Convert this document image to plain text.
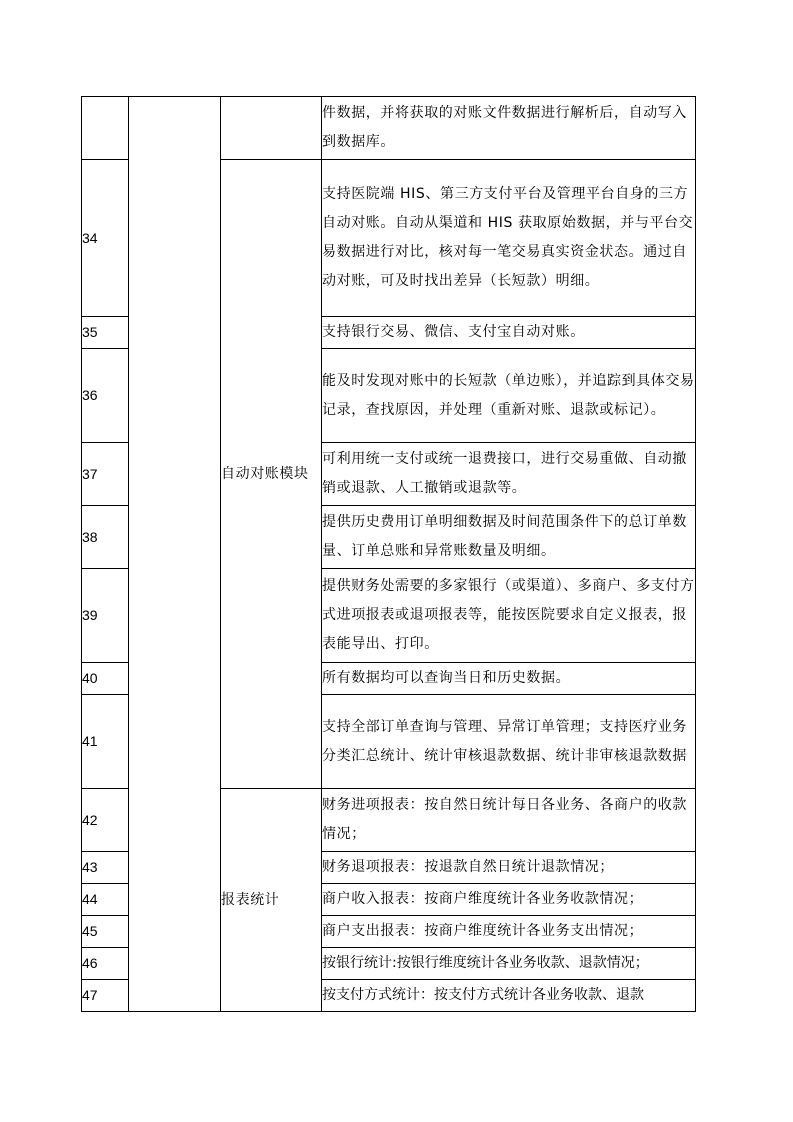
			件数据，并将获取的对账文件数据进行解析后，自动写入到数据库。
34		自动对账模块	支持医院端 HIS、第三方支付平台及管理平台自身的三方自动对账。自动从渠道和 HIS 获取原始数据，并与平台交易数据进行对比，核对每一笔交易真实资金状态。通过自动对账，可及时找出差异（长短款）明细。
35			支持银行交易、微信、支付宝自动对账。
36			能及时发现对账中的长短款（单边账），并追踪到具体交易记录，查找原因，并处理（重新对账、退款或标记）。
37			可利用统一支付或统一退费接口，进行交易重做、自动撤销或退款、人工撤销或退款等。
38			提供历史费用订单明细数据及时间范围条件下的总订单数量、订单总账和异常账数量及明细。
39			提供财务处需要的多家银行（或渠道）、多商户、多支付方式进项报表或退项报表等，能按医院要求自定义报表，报表能导出、打印。
40			所有数据均可以查询当日和历史数据。
41			支持全部订单查询与管理、异常订单管理；支持医疗业务分类汇总统计、统计审核退款数据、统计非审核退款数据
42		报表统计	财务进项报表：按自然日统计每日各业务、各商户的收款情况；
43			财务退项报表：按退款自然日统计退款情况；
44			商户收入报表：按商户维度统计各业务收款情况；
45			商户支出报表：按商户维度统计各业务支出情况；
46			按银行统计:按银行维度统计各业务收款、退款情况；
47			按支付方式统计：按支付方式统计各业务收款、退款
